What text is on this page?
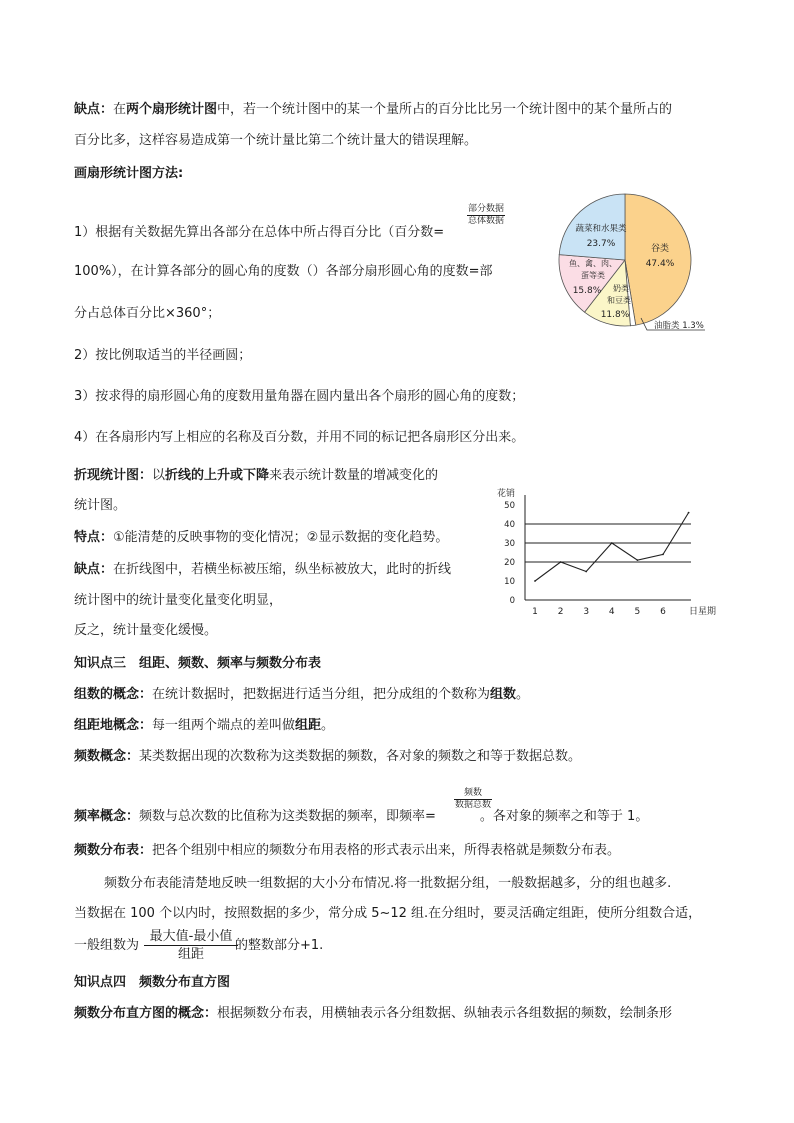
缺点：在两个扇形统计图中，若一个统计图中的某一个量所占的百分比比另一个统计图中的某个量所占的
百分比多，这样容易造成第一个统计量比第二个统计量大的错误理解。
画扇形统计图方法:
1）根据有关数据先算出各部分在总体中所占得百分比（百分数=
部分数据
总体数据
100%），在计算各部分的圆心角的度数（）各部分扇形圆心角的度数=部
分占总体百分比×360°；
2）按比例取适当的半径画圆；
3）按求得的扇形圆心角的度数用量角器在圆内量出各个扇形的圆心角的度数；
4）在各扇形内写上相应的名称及百分数，并用不同的标记把各扇形区分出来。
蔬菜和水果类
23.7%	谷类
47.4%
鱼、禽、肉、
蛋等类
15.8% 奶类
和豆类
11.8%
油脂类 1.3%
折现统计图：以折线的上升或下降来表示统计数量的增减变化的
统计图。
特点：①能清楚的反映事物的变化情况；②显示数据的变化趋势。
缺点：在折线图中，若横坐标被压缩，纵坐标被放大，此时的折线
统计图中的统计量变化量变化明显，
反之，统计量变化缓慢。
花销
日星期
0
10
20
30
40
50
1 2 3 4 5 6
知识点三　组距、频数、频率与频数分布表
组数的概念：在统计数据时，把数据进行适当分组，把分成组的个数称为组数。
组距地概念：每一组两个端点的差叫做组距。
频数概念：某类数据出现的次数称为这类数据的频数，各对象的频数之和等于数据总数。
频率概念：频数与总次数的比值称为这类数据的频率，即频率=	。各对象的频率之和等于 1。
频数
数据总数
频数分布表：把各个组别中相应的频数分布用表格的形式表示出来，所得表格就是频数分布表。
频数分布表能清楚地反映一组数据的大小分布情况.将一批数据分组，一般数据越多，分的组也越多.
当数据在 100 个以内时，按照数据的多少，常分成 5~12 组.在分组时，要灵活确定组距，使所分组数合适，
一般组数为	的整数部分+1.
最大值-最小值
组距
知识点四　频数分布直方图
频数分布直方图的概念：根据频数分布表，用横轴表示各分组数据、纵轴表示各组数据的频数，绘制条形
